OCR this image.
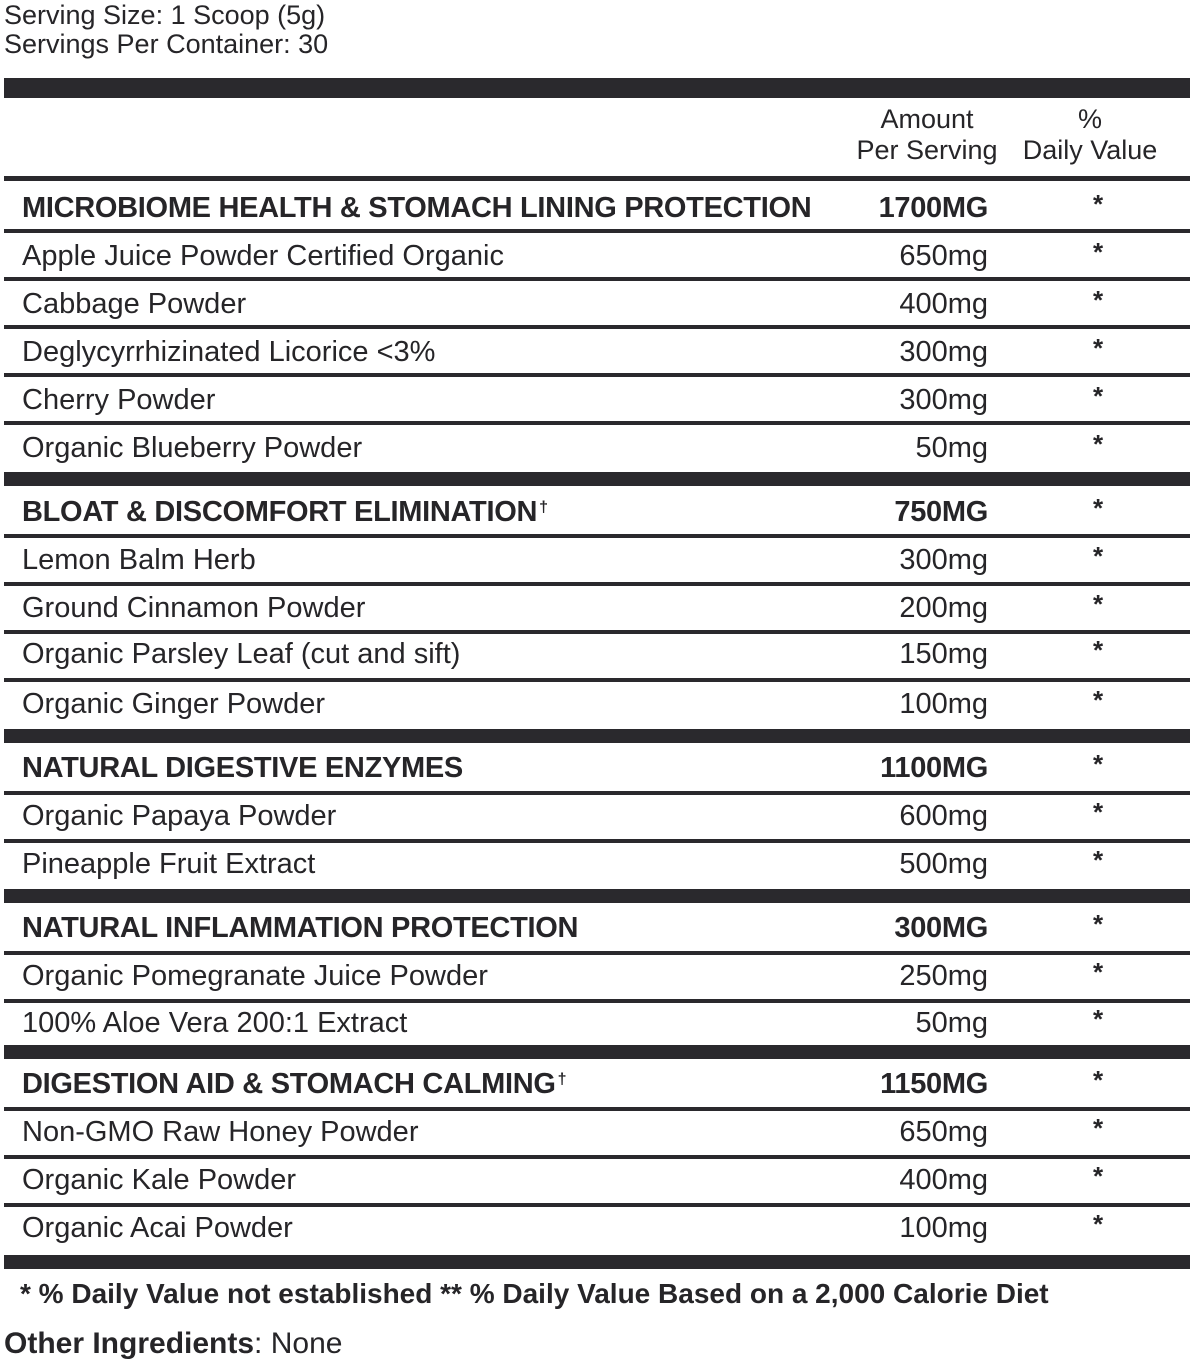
Serving Size: 1 Scoop (5g)
Servings Per Container: 30
Amount
Per Serving
%
Daily Value
MICROBIOME HEALTH & STOMACH LINING PROTECTION 1700MG	*
Apple Juice Powder Certified Organic	650mg	*
Cabbage Powder	400mg	*
Deglycyrrhizinated Licorice <3%	300mg	*
Cherry Powder	300mg	*
Organic Blueberry Powder	50mg	*
BLOAT & DISCOMFORT ELIMINATION †	750MG	*
Lemon Balm Herb	300mg	*
Ground Cinnamon Powder	200mg	*
Organic Parsley Leaf (cut and sift)	150mg	*
Organic Ginger Powder	100mg	*
NATURAL DIGESTIVE ENZYMES	1100MG	*
Organic Papaya Powder	600mg	*
Pineapple Fruit Extract	500mg	*
NATURAL INFLAMMATION PROTECTION	300MG	*
Organic Pomegranate Juice Powder	250mg	*
100% Aloe Vera 200:1 Extract	50mg	*
DIGESTION AID & STOMACH CALMING †	1150MG	*
Non-GMO Raw Honey Powder	650mg	*
Organic Kale Powder	400mg	*
Organic Acai Powder	100mg	*
* % Daily Value not established ** % Daily Value Based on a 2,000 Calorie Diet
Other Ingredients: None
